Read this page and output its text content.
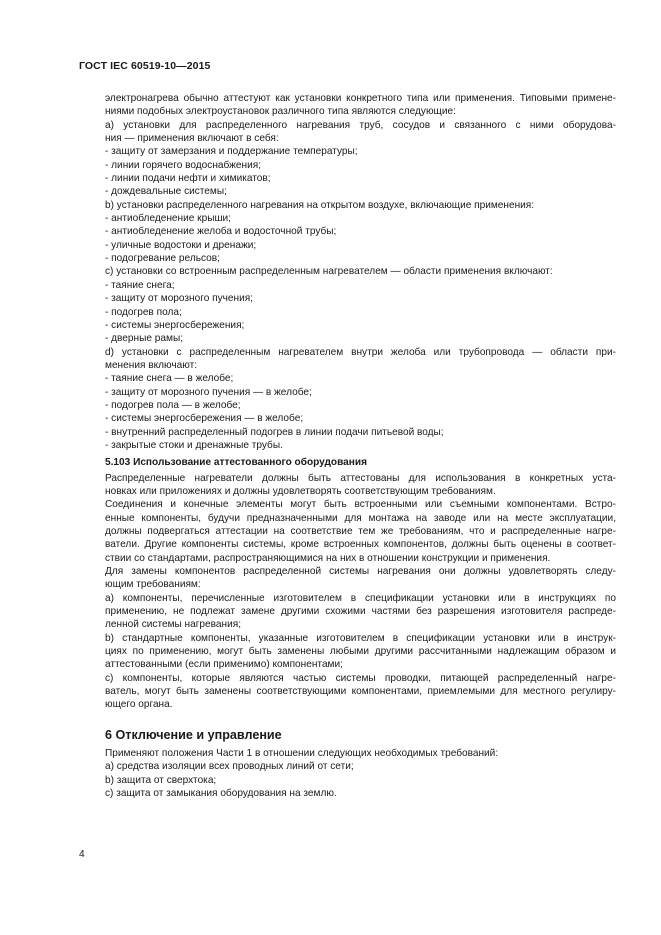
ГОСТ IEC 60519-10—2015
электронагрева обычно аттестуют как установки конкретного типа или применения. Типовыми примене-
ниями подобных электроустановок различного типа являются следующие:
а) установки для распределенного нагревания труб, сосудов и связанного с ними оборудова-
ния — применения включают в себя:
- защиту от замерзания и поддержание температуры;
- линии горячего водоснабжения;
- линии подачи нефти и химикатов;
- дождевальные системы;
b) установки распределенного нагревания на открытом воздухе, включающие применения:
- антиобледенение крыши;
- антиобледенение желоба и водосточной трубы;
- уличные водостоки и дренажи;
- подогревание рельсов;
с) установки со встроенным распределенным нагревателем — области применения включают:
- таяние снега;
- защиту от морозного пучения;
- подогрев пола;
- системы энергосбережения;
- дверные рамы;
d) установки с распределенным нагревателем внутри желоба или трубопровода — области при-
менения включают:
- таяние снега — в желобе;
- защиту от морозного пучения — в желобе;
- подогрев пола — в желобе;
- системы энергосбережения — в желобе;
- внутренний распределенный подогрев в линии подачи питьевой воды;
- закрытые стоки и дренажные трубы.
5.103 Использование аттестованного оборудования
Распределенные нагреватели должны быть аттестованы для использования в конкретных уста-
новках или приложениях и должны удовлетворять соответствующим требованиям.
Соединения и конечные элементы могут быть встроенными или съемными компонентами. Встро-
енные компоненты, будучи предназначенными для монтажа на заводе или на месте эксплуатации,
должны подвергаться аттестации на соответствие тем же требованиям, что и распределенные нагре-
ватели. Другие компоненты системы, кроме встроенных компонентов, должны быть оценены в соответ-
ствии со стандартами, распространяющимися на них в отношении конструкции и применения.
Для замены компонентов распределенной системы нагревания они должны удовлетворять следу-
ющим требованиям:
а) компоненты, перечисленные изготовителем в спецификации установки или в инструкциях по
применению, не подлежат замене другими схожими частями без разрешения изготовителя распреде-
ленной системы нагревания;
b) стандартные компоненты, указанные изготовителем в спецификации установки или в инструк-
циях по применению, могут быть заменены любыми другими рассчитанными надлежащим образом и
аттестованными (если применимо) компонентами;
с) компоненты, которые являются частью системы проводки, питающей распределенный нагре-
ватель, могут быть заменены соответствующими компонентами, приемлемыми для местного регулиру-
ющего органа.
6 Отключение и управление
Применяют положения Части 1 в отношении следующих необходимых требований:
а) средства изоляции всех проводных линий от сети;
b) защита от сверхтока;
с) защита от замыкания оборудования на землю.
4
